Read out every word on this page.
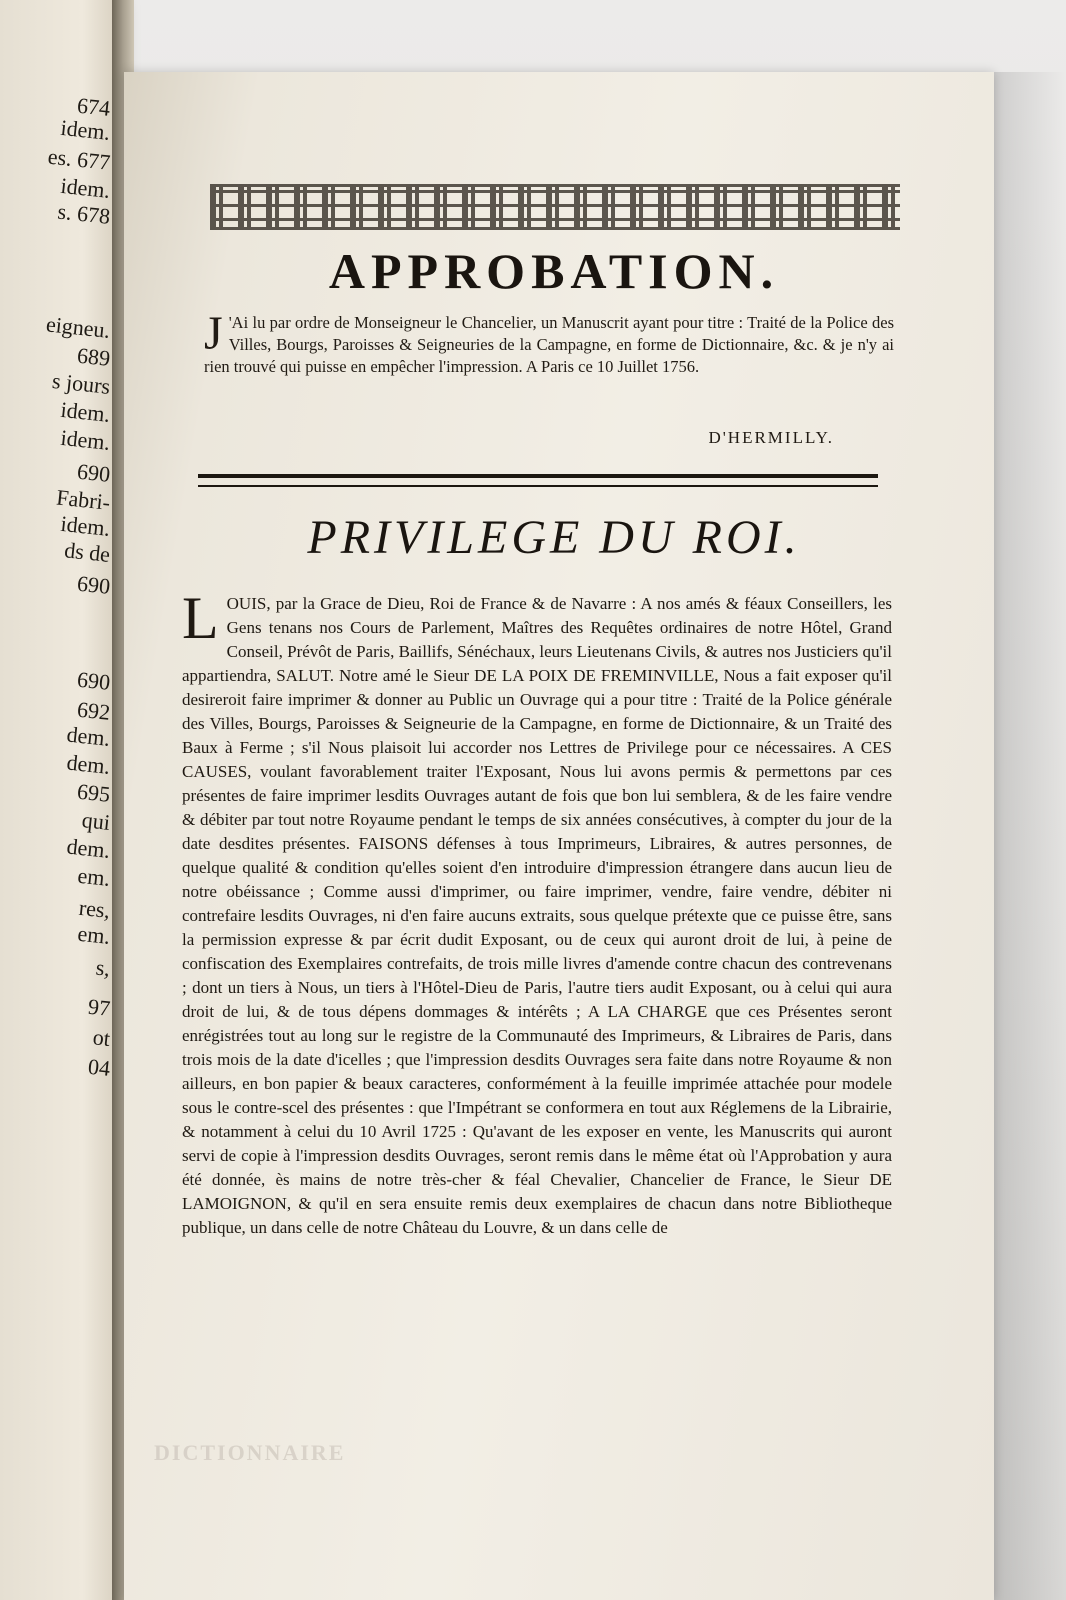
674
idem.
es. 677
idem.
s. 678
eigneu.
689
s jours
idem.
idem.
690
Fabri-
idem.
ds de
690
690
692
dem.
dem.
695
qui
dem.
em.
res,
em.
s,
97
ot
04
APPROBATION.
J 'Ai lu par ordre de Monseigneur le Chancelier, un Manuscrit ayant pour titre : Traité de la Police des Villes, Bourgs, Paroisses & Seigneuries de la Campagne, en forme de Dictionnaire, &c. & je n'y ai rien trouvé qui puisse en empêcher l'impression. A Paris ce 10 Juillet 1756.
D'HERMILLY.
PRIVILEGE DU ROI.
LOUIS, par la Grace de Dieu, Roi de France & de Navarre : A nos amés & féaux Conseillers, les Gens tenans nos Cours de Parlement, Maîtres des Requêtes ordinaires de notre Hôtel, Grand Conseil, Prévôt de Paris, Baillifs, Sénéchaux, leurs Lieutenans Civils, & autres nos Justiciers qu'il appartiendra, SALUT. Notre amé le Sieur DE LA POIX DE FREMINVILLE, Nous a fait exposer qu'il desireroit faire imprimer & donner au Public un Ouvrage qui a pour titre : Traité de la Police générale des Villes, Bourgs, Paroisses & Seigneurie de la Campagne, en forme de Dictionnaire, & un Traité des Baux à Ferme ; s'il Nous plaisoit lui accorder nos Lettres de Privilege pour ce nécessaires. A CES CAUSES, voulant favorablement traiter l'Exposant, Nous lui avons permis & permettons par ces présentes de faire imprimer lesdits Ouvrages autant de fois que bon lui semblera, & de les faire vendre & débiter par tout notre Royaume pendant le temps de six années consécutives, à compter du jour de la date desdites présentes. FAISONS défenses à tous Imprimeurs, Libraires, & autres personnes, de quelque qualité & condition qu'elles soient d'en introduire d'impression étrangere dans aucun lieu de notre obéissance ; Comme aussi d'imprimer, ou faire imprimer, vendre, faire vendre, débiter ni contrefaire lesdits Ouvrages, ni d'en faire aucuns extraits, sous quelque prétexte que ce puisse être, sans la permission expresse & par écrit dudit Exposant, ou de ceux qui auront droit de lui, à peine de confiscation des Exemplaires contrefaits, de trois mille livres d'amende contre chacun des contrevenans ; dont un tiers à Nous, un tiers à l'Hôtel-Dieu de Paris, l'autre tiers audit Exposant, ou à celui qui aura droit de lui, & de tous dépens dommages & intérêts ; A LA CHARGE que ces Présentes seront enrégistrées tout au long sur le registre de la Communauté des Imprimeurs, & Libraires de Paris, dans trois mois de la date d'icelles ; que l'impression desdits Ouvrages sera faite dans notre Royaume & non ailleurs, en bon papier & beaux caracteres, conformément à la feuille imprimée attachée pour modele sous le contre-scel des présentes : que l'Impétrant se conformera en tout aux Réglemens de la Librairie, & notamment à celui du 10 Avril 1725 : Qu'avant de les exposer en vente, les Manuscrits qui auront servi de copie à l'impression desdits Ouvrages, seront remis dans le même état où l'Approbation y aura été donnée, ès mains de notre très-cher & féal Chevalier, Chancelier de France, le Sieur DE LAMOIGNON, & qu'il en sera ensuite remis deux exemplaires de chacun dans notre Bibliotheque publique, un dans celle de notre Château du Louvre, & un dans celle de
DICTIONNAIRE
